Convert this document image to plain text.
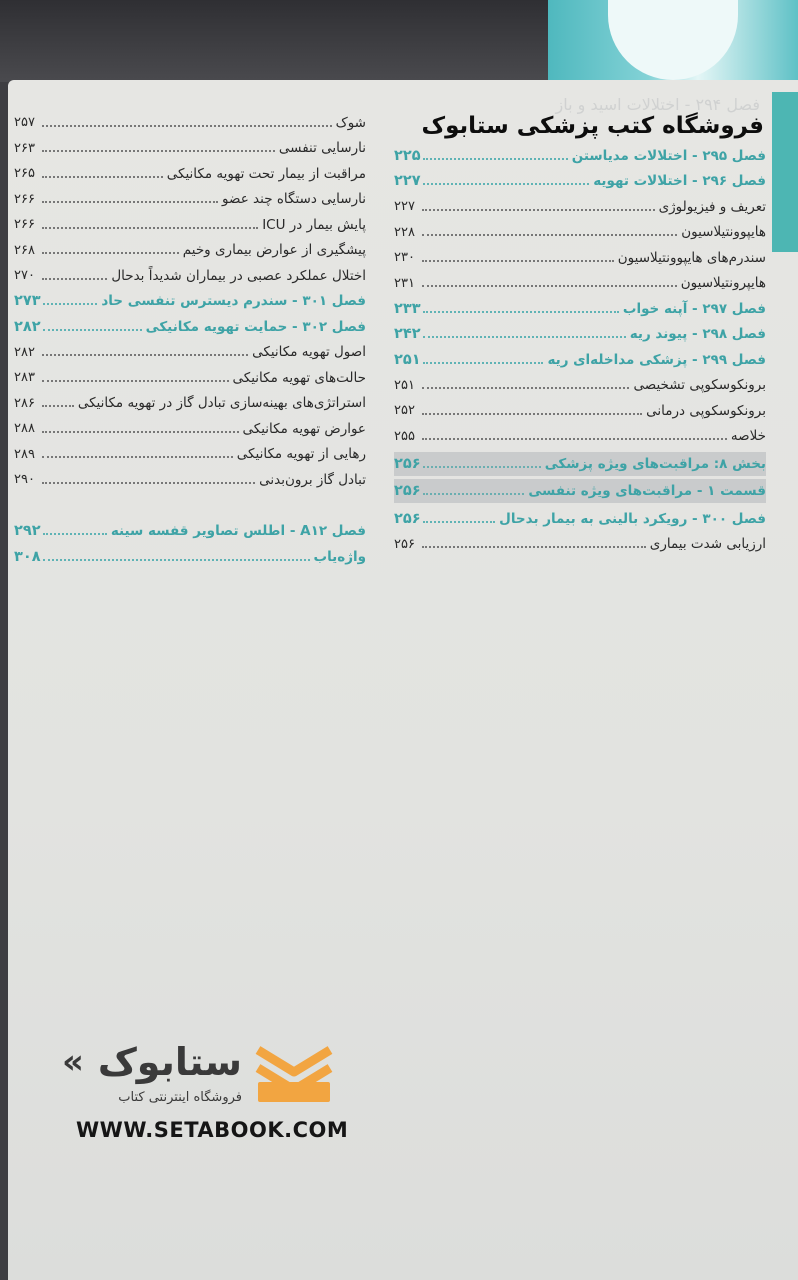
فصل ۲۹۴ - اختلالات اسید و باز
فروشگاه کتب پزشکی ستابوک
شوک
۲۵۷
نارسایی تنفسی
۲۶۳
مراقبت از بیمار تحت تهویه مکانیکی
۲۶۵
نارسایی دستگاه چند عضو
۲۶۶
پایش بیمار در ICU
۲۶۶
پیشگیری از عوارض بیماری وخیم
۲۶۸
اختلال عملکرد عصبی در بیماران شدیداً بدحال
۲۷۰
فصل ۳۰۱ - سندرم دیسترس تنفسی حاد
۲۷۳
فصل ۳۰۲ - حمایت تهویه مکانیکی
۲۸۲
اصول تهویه مکانیکی
۲۸۲
حالت‌های تهویه مکانیکی
۲۸۳
استراتژی‌های بهینه‌سازی تبادل گاز در تهویه مکانیکی
۲۸۶
عوارض تهویه مکانیکی
۲۸۸
رهایی از تهویه مکانیکی
۲۸۹
تبادل گاز برون‌بدنی
۲۹۰
فصل A۱۲ - اطلس تصاویر قفسه سینه
۲۹۲
واژه‌یاب
۳۰۸
فصل ۲۹۵ - اختلالات مدیاستن
۲۲۵
فصل ۲۹۶ - اختلالات تهویه
۲۲۷
تعریف و فیزیولوژی
۲۲۷
هایپوونتیلاسیون
۲۲۸
سندرم‌های هایپوونتیلاسیون
۲۳۰
هایپرونتیلاسیون
۲۳۱
فصل ۲۹۷ - آپنه خواب
۲۳۳
فصل ۲۹۸ - پیوند ریه
۲۴۲
فصل ۲۹۹ - پزشکی مداخله‌ای ریه
۲۵۱
برونکوسکوپی تشخیصی
۲۵۱
برونکوسکوپی درمانی
۲۵۲
خلاصه
۲۵۵
بخش ۸: مراقبت‌های ویژه پزشکی
۲۵۶
قسمت ۱ - مراقبت‌های ویژه تنفسی
۲۵۶
فصل ۳۰۰ - رویکرد بالینی به بیمار بدحال
۲۵۶
ارزیابی شدت بیماری
۲۵۶
ستابوک
«
فروشگاه اینترنتی کتاب
WWW.SETABOOK.COM
